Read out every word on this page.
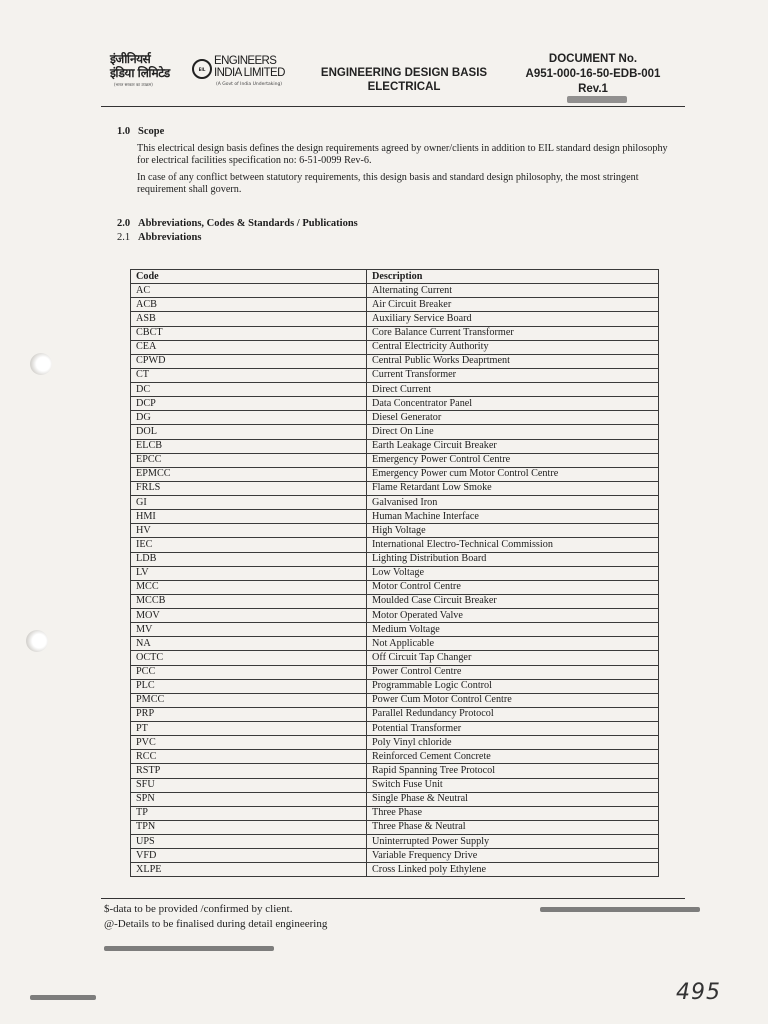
इंजीनियर्स
इंडिया लिमिटेड
(भारत सरकार का उपक्रम)
EIL
ENGINEERS
INDIA LIMITED
(A Govt of India Undertaking)
ENGINEERING DESIGN BASIS
ELECTRICAL
DOCUMENT No.
A951-000-16-50-EDB-001
Rev.1
1.0 Scope
This electrical design basis defines the design requirements agreed by owner/clients in addition to EIL standard design philosophy for electrical facilities specification no: 6-51-0099 Rev-6.
In case of any conflict between statutory requirements, this design basis and standard design philosophy, the most stringent requirement shall govern.
2.0 Abbreviations, Codes & Standards / Publications
2.1 Abbreviations
Code	Description
AC	Alternating Current
ACB	Air Circuit Breaker
ASB	Auxiliary Service Board
CBCT	Core Balance Current Transformer
CEA	Central Electricity Authority
CPWD	Central Public Works Deaprtment
CT	Current Transformer
DC	Direct Current
DCP	Data Concentrator Panel
DG	Diesel Generator
DOL	Direct On Line
ELCB	Earth Leakage Circuit Breaker
EPCC	Emergency Power Control Centre
EPMCC	Emergency Power cum Motor Control Centre
FRLS	Flame Retardant Low Smoke
GI	Galvanised Iron
HMI	Human Machine Interface
HV	High Voltage
IEC	International Electro-Technical Commission
LDB	Lighting Distribution Board
LV	Low Voltage
MCC	Motor Control Centre
MCCB	Moulded Case Circuit Breaker
MOV	Motor Operated Valve
MV	Medium Voltage
NA	Not Applicable
OCTC	Off Circuit Tap Changer
PCC	Power Control Centre
PLC	Programmable Logic Control
PMCC	Power Cum Motor Control Centre
PRP	Parallel Redundancy Protocol
PT	Potential Transformer
PVC	Poly Vinyl chloride
RCC	Reinforced Cement Concrete
RSTP	Rapid Spanning Tree Protocol
SFU	Switch Fuse Unit
SPN	Single Phase & Neutral
TP	Three Phase
TPN	Three Phase & Neutral
UPS	Uninterrupted Power Supply
VFD	Variable Frequency Drive
XLPE	Cross Linked poly Ethylene
$-data to be provided /confirmed by client.
@-Details to be finalised during detail engineering
495
